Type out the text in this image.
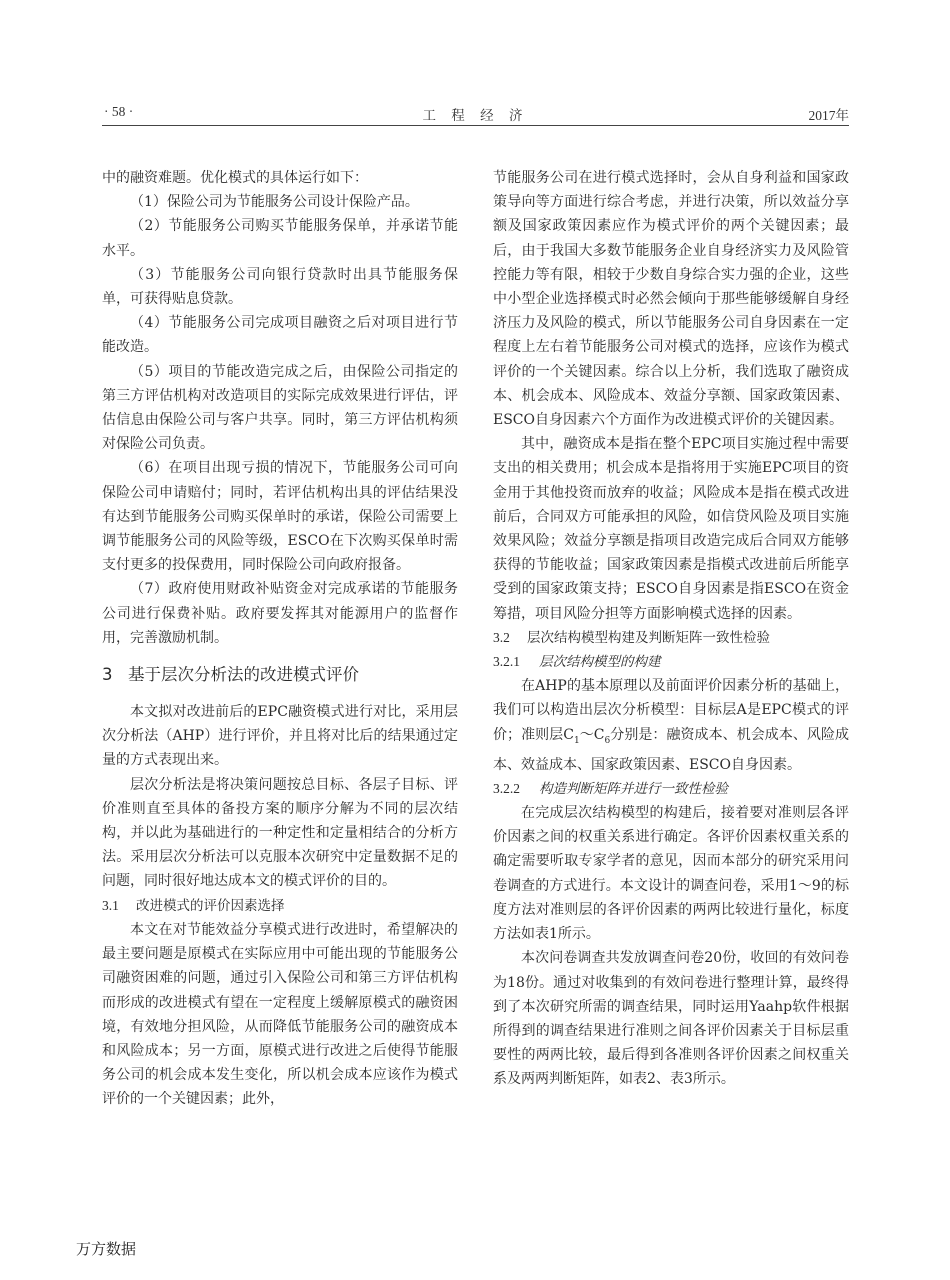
· 58 ·	工 程 经 济	2017年

中的融资难题。优化模式的具体运行如下：

（1）保险公司为节能服务公司设计保险产品。

（2）节能服务公司购买节能服务保单，并承诺节能水平。

（3）节能服务公司向银行贷款时出具节能服务保单，可获得贴息贷款。

（4）节能服务公司完成项目融资之后对项目进行节能改造。

（5）项目的节能改造完成之后，由保险公司指定的第三方评估机构对改造项目的实际完成效果进行评估，评估信息由保险公司与客户共享。同时，第三方评估机构须对保险公司负责。

（6）在项目出现亏损的情况下，节能服务公司可向保险公司申请赔付；同时，若评估机构出具的评估结果没有达到节能服务公司购买保单时的承诺，保险公司需要上调节能服务公司的风险等级，ESCO在下次购买保单时需支付更多的投保费用，同时保险公司向政府报备。

（7）政府使用财政补贴资金对完成承诺的节能服务公司进行保费补贴。政府要发挥其对能源用户的监督作用，完善激励机制。

3 基于层次分析法的改进模式评价

本文拟对改进前后的EPC融资模式进行对比，采用层次分析法（AHP）进行评价，并且将对比后的结果通过定量的方式表现出来。

层次分析法是将决策问题按总目标、各层子目标、评价准则直至具体的备投方案的顺序分解为不同的层次结构，并以此为基础进行的一种定性和定量相结合的分析方法。采用层次分析法可以克服本次研究中定量数据不足的问题，同时很好地达成本文的模式评价的目的。

3.1 改进模式的评价因素选择

本文在对节能效益分享模式进行改进时，希望解决的最主要问题是原模式在实际应用中可能出现的节能服务公司融资困难的问题，通过引入保险公司和第三方评估机构而形成的改进模式有望在一定程度上缓解原模式的融资困境，有效地分担风险，从而降低节能服务公司的融资成本和风险成本；另一方面，原模式进行改进之后使得节能服务公司的机会成本发生变化，所以机会成本应该作为模式评价的一个关键因素；此外，

节能服务公司在进行模式选择时，会从自身利益和国家政策导向等方面进行综合考虑，并进行决策，所以效益分享额及国家政策因素应作为模式评价的两个关键因素；最后，由于我国大多数节能服务企业自身经济实力及风险管控能力等有限，相较于少数自身综合实力强的企业，这些中小型企业选择模式时必然会倾向于那些能够缓解自身经济压力及风险的模式，所以节能服务公司自身因素在一定程度上左右着节能服务公司对模式的选择，应该作为模式评价的一个关键因素。综合以上分析，我们选取了融资成本、机会成本、风险成本、效益分享额、国家政策因素、ESCO自身因素六个方面作为改进模式评价的关键因素。

其中，融资成本是指在整个EPC项目实施过程中需要支出的相关费用；机会成本是指将用于实施EPC项目的资金用于其他投资而放弃的收益；风险成本是指在模式改进前后，合同双方可能承担的风险，如信贷风险及项目实施效果风险；效益分享额是指项目改造完成后合同双方能够获得的节能收益；国家政策因素是指模式改进前后所能享受到的国家政策支持；ESCO自身因素是指ESCO在资金筹措，项目风险分担等方面影响模式选择的因素。

3.2 层次结构模型构建及判断矩阵一致性检验
3.2.1 层次结构模型的构建

在AHP的基本原理以及前面评价因素分析的基础上，我们可以构造出层次分析模型：目标层A是EPC模式的评价；准则层$C_1\sim C_6$分别是：融资成本、机会成本、风险成本、效益成本、国家政策因素、ESCO自身因素。

3.2.2 构造判断矩阵并进行一致性检验

在完成层次结构模型的构建后，接着要对准则层各评价因素之间的权重关系进行确定。各评价因素权重关系的确定需要听取专家学者的意见，因而本部分的研究采用问卷调查的方式进行。本文设计的调查问卷，采用1～9的标度方法对准则层的各评价因素的两两比较进行量化，标度方法如表1所示。

本次问卷调查共发放调查问卷20份，收回的有效问卷为18份。通过对收集到的有效问卷进行整理计算，最终得到了本次研究所需的调查结果，同时运用Yaahp软件根据所得到的调查结果进行准则之间各评价因素关于目标层重要性的两两比较，最后得到各准则各评价因素之间权重关系及两两判断矩阵，如表2、表3所示。

万方数据
